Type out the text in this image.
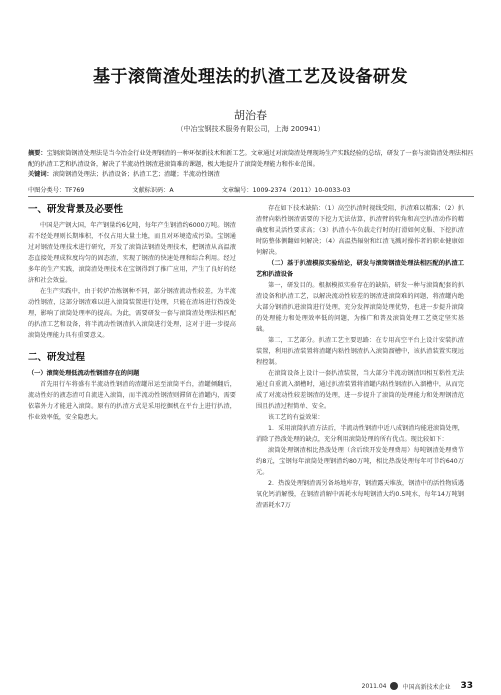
基于滚筒渣处理法的扒渣工艺及设备研发
胡治春
（中冶宝钢技术服务有限公司，上海 200941）
摘要：宝钢滚筒钢渣处理法是当今冶金行业处理钢渣的一种环保新技术和新工艺。文章通过对滚筒渣处理现场生产实践经验的总结，研发了一套与滚筒渣处理法相匹配的扒渣工艺和扒渣设备，解决了半流动性钢渣进滚筒难的课题，极大地提升了滚筒处理能力和作业范围。
关键词：滚筒钢渣处理法；扒渣设备；扒渣工艺；渣罐；半流动性钢渣
中图分类号：TF769	文献标识码：A	文章编号：1009-2374（2011）10-0033-03

一、研发背景及必要性

中国是产钢大国，年产钢量约6亿吨，每年产生钢渣约6000万吨。钢渣若不经处理则长期堆积，不仅占用大量土地，而且对环境造成污染。宝钢通过对钢渣处理技术进行研究，开发了滚筒法钢渣处理技术，把钢渣从高温液态直接处理成粒度均匀的固态渣，实现了钢渣的快速处理和综合利用。经过多年的生产实践，滚筒渣处理技术在宝钢得到了推广应用，产生了良好的经济和社会效益。

在生产实践中，由于转炉冶炼钢种不同，部分钢渣流动性较差，为半流动性钢渣，这部分钢渣难以进入滚筒装置进行处理，只能在渣场进行热泼处理，影响了滚筒处理率的提高。为此，需要研发一套与滚筒渣处理法相匹配的扒渣工艺和设备，将半流动性钢渣扒入滚筒进行处理，这对于进一步提高滚筒处理能力具有重要意义。

二、研发过程

（一）滚筒处理低流动性钢渣存在的问题

首先用行车将盛有半流动性钢渣的渣罐吊运至滚筒平台，渣罐倾翻后，流动性好的液态渣可自流进入滚筒，而半流动性钢渣则滞留在渣罐内，需要依靠外力才能进入滚筒。原有的扒渣方式是采用挖掘机在平台上进行扒渣，作业效率低，安全隐患大。

存在如下技术缺陷：（1）高空扒渣时视线受阻，扒渣难以精准；（2）扒渣臂向粘性钢渣需要的下挖力无法估算，扒渣臂的转角和高空扒渣动作的精确度和灵活性要求高；（3）扒渣小车负载走行时的打滑如何克服、下挖扒渣时防整体侧翻如何解决；（4）高温热辐射和红渣飞溅对操作者的职业健康如何解决。

（二）基于扒渣模拟实验结论，研发与滚筒钢渣处理法相匹配的扒渣工艺和扒渣设备

第一，研发目的。根据模拟实验存在的缺陷，研发一种与滚筒配套的扒渣设备和扒渣工艺，以解决流动性较差的钢渣进滚筒难的问题，将渣罐内绝大部分钢渣扒进滚筒进行处理，充分发挥滚筒处理优势，也进一步提升滚筒的处理能力和处理效率低的问题，为推广和普及滚筒处理工艺奠定坚实基础。

第二，工艺部分。扒渣工艺主要思路：在专用高空平台上设计安装扒渣装置，利用扒渣装置将渣罐内粘性钢渣扒入滚筒溜槽中，该扒渣装置实现远程控制。

在滚筒设备上设计一套扒渣装置，当大部分半流动钢渣因相互粘性无法通过自重流入溜槽时，通过扒渣装置将渣罐内粘性钢渣扒入溜槽中，从而完成了对流动性较差钢渣的处理，进一步提升了滚筒的处理能力和处理钢渣范围且扒渣过程简单、安全。

该工艺的有益效果：

1．采用滚筒扒渣方法后，半流动性钢渣中近八成钢渣均能进滚筒处理，消除了热泼处理的缺点，充分利用滚筒处理的所有优点。现比较如下：

滚筒处理钢渣相比热泼处理（含后续开发处理费用）每吨钢渣处理费节约8元，宝钢每年滚筒处理钢渣约80万吨，相比热泼处理每年可节约640万元。

2．热泼处理钢渣需另备场地库存，钢渣露天堆放，钢渣中的活性物质遇氧化钙消解慢，在钢渣消解中需耗水每吨钢渣大约0.5吨水，每年14万吨钢渣需耗水7万

2011.04	中国高新技术企业 33
